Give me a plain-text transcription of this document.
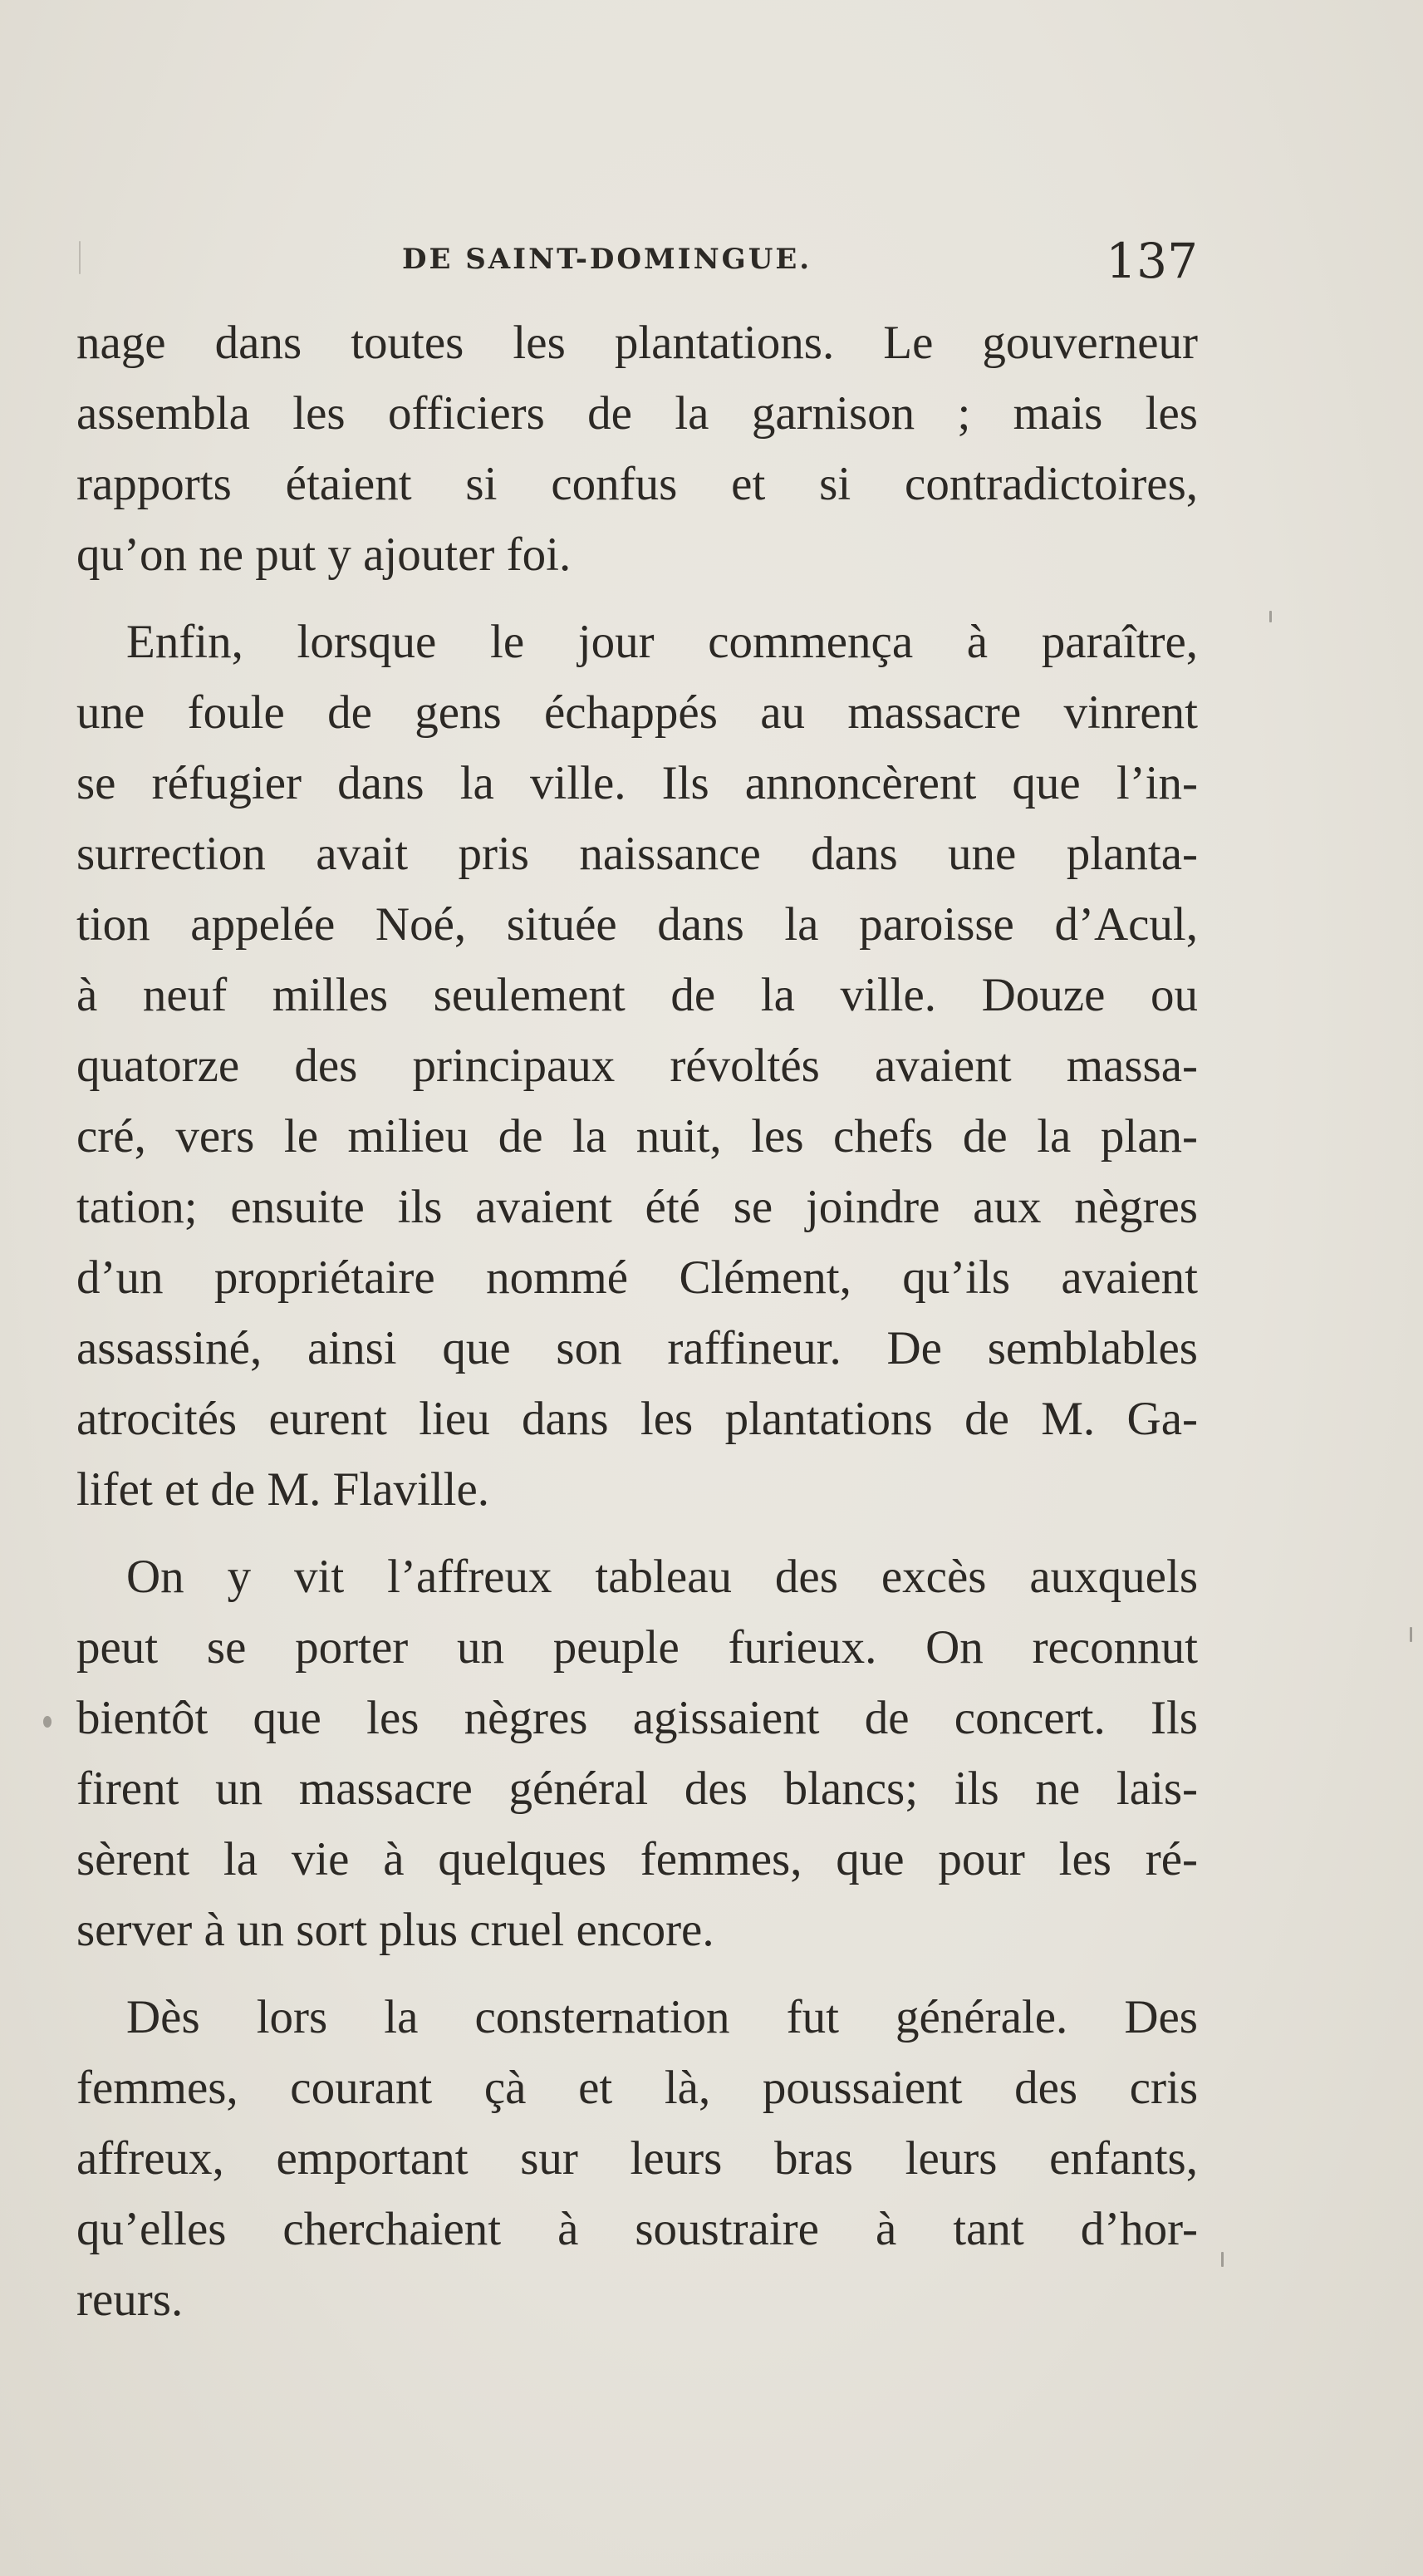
DE SAINT-DOMINGUE.	137

nage dans toutes les plantations. Le gouverneur
assembla les officiers de la garnison ; mais les
rapports étaient si confus et si contradictoires,
qu’on ne put y ajouter foi.

Enfin, lorsque le jour commença à paraître,
une foule de gens échappés au massacre vinrent
se réfugier dans la ville. Ils annoncèrent que l’in-
surrection avait pris naissance dans une planta-
tion appelée Noé, située dans la paroisse d’Acul,
à neuf milles seulement de la ville. Douze ou
quatorze des principaux révoltés avaient massa-
cré, vers le milieu de la nuit, les chefs de la plan-
tation; ensuite ils avaient été se joindre aux nègres
d’un propriétaire nommé Clément, qu’ils avaient
assassiné, ainsi que son raffineur. De semblables
atrocités eurent lieu dans les plantations de M. Ga-
lifet et de M. Flaville.

On y vit l’affreux tableau des excès auxquels
peut se porter un peuple furieux. On reconnut
bientôt que les nègres agissaient de concert. Ils
firent un massacre général des blancs; ils ne lais-
sèrent la vie à quelques femmes, que pour les ré-
server à un sort plus cruel encore.

Dès lors la consternation fut générale. Des
femmes, courant çà et là, poussaient des cris
affreux, emportant sur leurs bras leurs enfants,
qu’elles cherchaient à soustraire à tant d’hor-
reurs.
